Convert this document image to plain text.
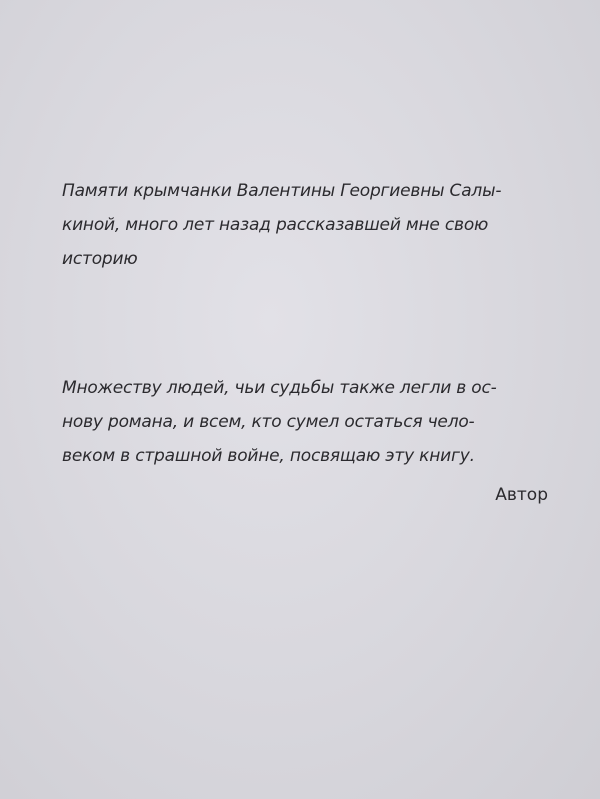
Памяти крымчанки Валентины Георгиевны Салы-
киной, много лет назад рассказавшей мне свою
историю
Множеству людей, чьи судьбы также легли в ос-
нову романа, и всем, кто сумел остаться чело-
веком в страшной войне, посвящаю эту книгу.
Автор
